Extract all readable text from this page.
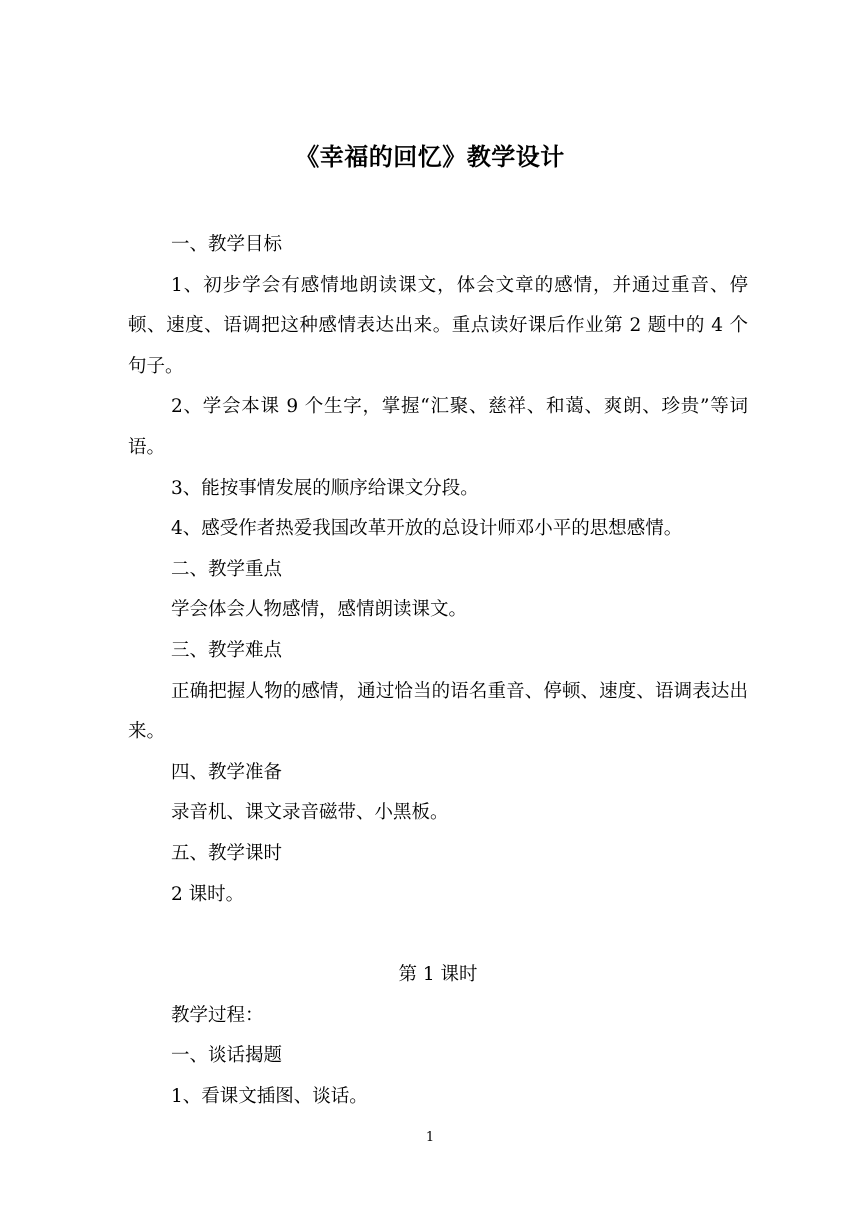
《幸福的回忆》教学设计

一、教学目标

1、初步学会有感情地朗读课文，体会文章的感情，并通过重音、停顿、速度、语调把这种感情表达出来。重点读好课后作业第 2 题中的 4 个句子。

2、学会本课 9 个生字，掌握“汇聚、慈祥、和蔼、爽朗、珍贵”等词语。

3、能按事情发展的顺序给课文分段。

4、感受作者热爱我国改革开放的总设计师邓小平的思想感情。

二、教学重点

学会体会人物感情，感情朗读课文。

三、教学难点

正确把握人物的感情，通过恰当的语名重音、停顿、速度、语调表达出来。

四、教学准备

录音机、课文录音磁带、小黑板。

五、教学课时

2 课时。

第 1 课时

教学过程：

一、谈话揭题

1、看课文插图、谈话。

1
